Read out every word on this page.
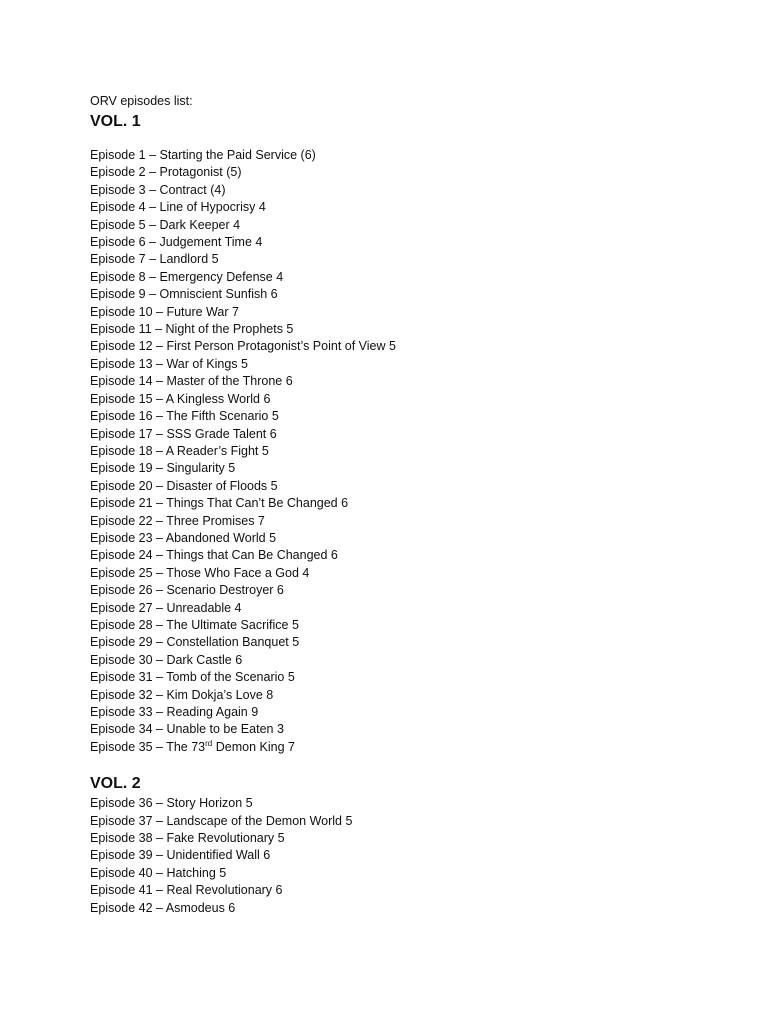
ORV episodes list:

VOL. 1
Episode 1 – Starting the Paid Service (6)
Episode 2 – Protagonist (5)
Episode 3 – Contract (4)
Episode 4 – Line of Hypocrisy 4
Episode 5 – Dark Keeper 4
Episode 6 – Judgement Time 4
Episode 7 – Landlord 5
Episode 8 – Emergency Defense 4
Episode 9 – Omniscient Sunfish 6
Episode 10 – Future War 7
Episode 11 – Night of the Prophets 5
Episode 12 – First Person Protagonist’s Point of View 5
Episode 13 – War of Kings 5
Episode 14 – Master of the Throne 6
Episode 15 – A Kingless World 6
Episode 16 – The Fifth Scenario 5
Episode 17 – SSS Grade Talent 6
Episode 18 – A Reader’s Fight 5
Episode 19 – Singularity 5
Episode 20 – Disaster of Floods 5
Episode 21 – Things That Can’t Be Changed 6
Episode 22 – Three Promises 7
Episode 23 – Abandoned World 5
Episode 24 – Things that Can Be Changed 6
Episode 25 – Those Who Face a God 4
Episode 26 – Scenario Destroyer 6
Episode 27 – Unreadable 4
Episode 28 – The Ultimate Sacrifice 5
Episode 29 – Constellation Banquet 5
Episode 30 – Dark Castle 6
Episode 31 – Tomb of the Scenario 5
Episode 32 – Kim Dokja’s Love 8
Episode 33 – Reading Again 9
Episode 34 – Unable to be Eaten 3
Episode 35 – The 73rd Demon King 7
VOL. 2
Episode 36 – Story Horizon 5
Episode 37 – Landscape of the Demon World 5
Episode 38 – Fake Revolutionary 5
Episode 39 – Unidentified Wall 6
Episode 40 – Hatching 5
Episode 41 – Real Revolutionary 6
Episode 42 – Asmodeus 6
